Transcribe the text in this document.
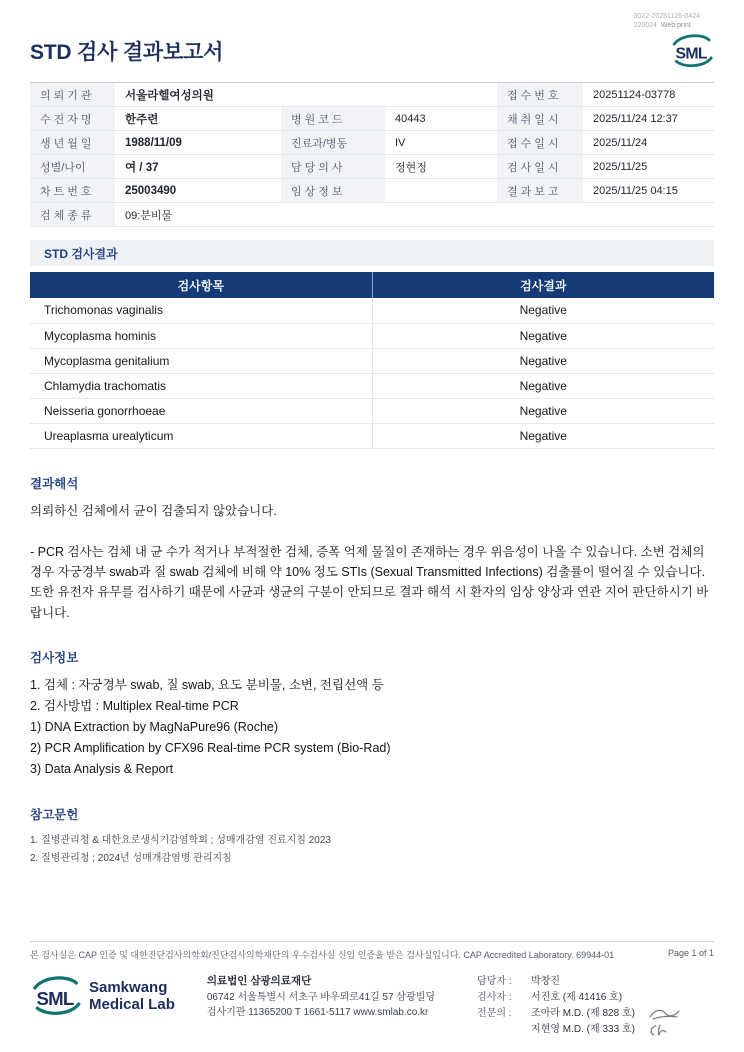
STD 검사 결과보고서
3022-20251125-0424
220024 Web print
SML
의뢰기관	서울라헬여성의원			접수번호	20251124-03778
수진자명	한주련	병원코드	40443	채취일시	2025/11/24 12:37
생년월일	1988/11/09	진료과/병동	IV	접수일시	2025/11/24
성별/나이	여 / 37	담당의사	정현정	검사일시	2025/11/25
차트번호	25003490	임상정보		결과보고	2025/11/25 04:15
검체종류	09:분비물				
STD 검사결과
검사항목	검사결과
Trichomonas vaginalis	Negative
Mycoplasma hominis	Negative
Mycoplasma genitalium	Negative
Chlamydia trachomatis	Negative
Neisseria gonorrhoeae	Negative
Ureaplasma urealyticum	Negative
결과해석
의뢰하신 검체에서 균이 검출되지 않았습니다.
- PCR 검사는 검체 내 균 수가 적거나 부적절한 검체, 증폭 억제 물질이 존재하는 경우 위음성이 나올 수 있습니다. 소변 검체의 경우 자궁경부 swab과 질 swab 검체에 비해 약 10% 정도 STIs (Sexual Transmitted Infections) 검출률이 떨어질 수 있습니다. 또한 유전자 유무를 검사하기 때문에 사균과 생균의 구분이 안되므로 결과 해석 시 환자의 임상 양상과 연관 지어 판단하시기 바랍니다.
검사정보
1. 검체 : 자궁경부 swab, 질 swab, 요도 분비물, 소변, 전립선액 등
2. 검사방법 : Multiplex Real-time PCR
1) DNA Extraction by MagNaPure96 (Roche)
2) PCR Amplification by CFX96 Real-time PCR system (Bio-Rad)
3) Data Analysis & Report
참고문헌
1. 질병관리청 & 대한요로생식기감염학회 ; 성매개감염 진료지침 2023
2. 질병관리청 ; 2024년 성매개감염병 관리지침
본 검사실은 CAP 인증 및 대한진단검사의학회/진단검사의학재단의 우수검사실 신임 인증을 받은 검사실입니다. CAP Accredited Laboratory. 69944-01	Page 1 of 1
SML
Samkwang
Medical Lab
의료법인 삼광의료재단
06742 서울특별시 서초구 바우뫼로41길 57 삼광빌딩
검사기관 11365200 T 1661-5117 www.smlab.co.kr
담당자 :	박창진
검사자 :	서진호 (제 41416 호)
전문의 :	조아라 M.D. (제 828 호)
지현영 M.D. (제 333 호)
